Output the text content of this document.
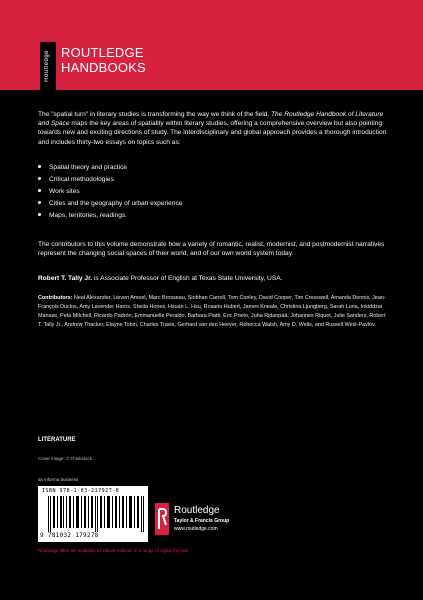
Routledge ROUTLEDGE
HANDBOOKS
The "spatial turn" in literary studies is transforming the way we think of the field. The Routledge Handbook of Literature and Space maps the key areas of spatiality within literary studies, offering a comprehensive overview but also pointing towards new and exciting directions of study. The interdisciplinary and global approach provides a thorough introduction and includes thirty-two essays on topics such as:
Spatial theory and practice
Critical methodologies
Work sites
Cities and the geography of urban experience
Maps, territories, readings.
The contributors to this volume demonstrate how a variety of romantic, realist, modernist, and postmodernist narratives represent the changing social spaces of their world, and of our own world system today.
Robert T. Tally Jr. is Associate Professor of English at Texas State University, USA.
Contributors: Neal Alexander, Lieven Ameel, Marc Brosseau, Siobhan Carroll, Tom Conley, David Cooper, Tim Cresswell, Amanda Dennis, Jean-François Duclos, Amy Lavender Harris, Sheila Hones, Hsuan L. Hsu, Rosario Hubert, James Kneale, Christina Ljungberg, Sarah Luria, Inkiddzai Manase, Peta Mitchell, Ricardo Padrón, Emmanuelle Peraldo, Barbara Piatti, Eric Prieto, Juha Ridanpää, Johannes Riquet, Julie Sanders, Robert T. Tally Jr., Andrew Thacker, Elayne Tobin, Charles Travis, Gerhard van den Heever, Rebecca Walsh, Amy D. Wells, and Russell West-Pavlov.
LITERATURE
Cover image: © Thinkstock
an informa business
ISBN 978-1-03-217927-8
9 781032 179278
Routledge
Taylor & Francis Group
www.routledge.com
Routledge titles are available as eBook editions in a range of digital formats
